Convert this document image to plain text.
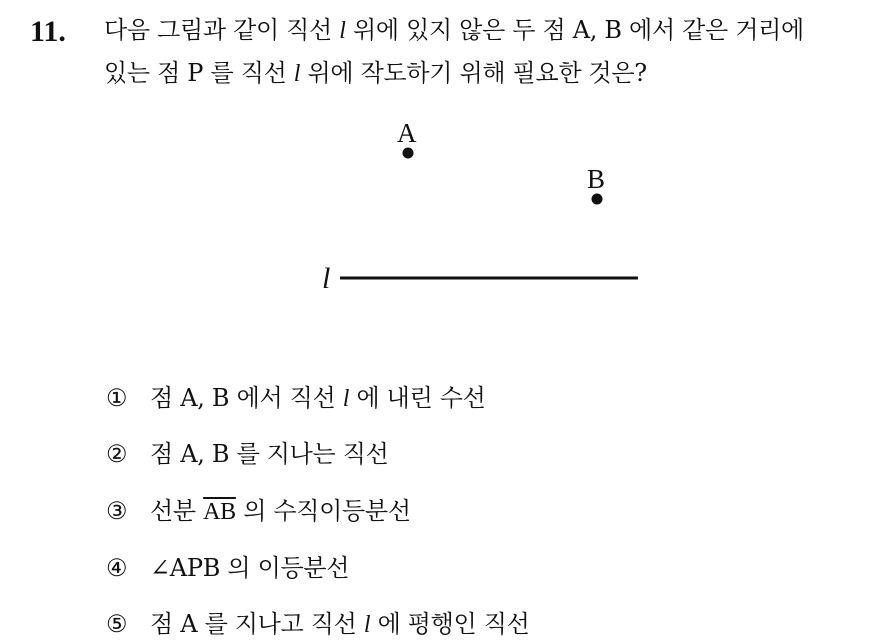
11. 다음 그림과 같이 직선 l 위에 있지 않은 두 점 A, B 에서 같은 거리에
있는 점 P 를 직선 l 위에 작도하기 위해 필요한 것은?
A
B
l
① 점 A, B 에서 직선 l 에 내린 수선
② 점 A, B 를 지나는 직선
③ 선분 $\overline{AB}$ 의 수직이등분선
④ ∠APB 의 이등분선
⑤ 점 A 를 지나고 직선 l 에 평행인 직선
